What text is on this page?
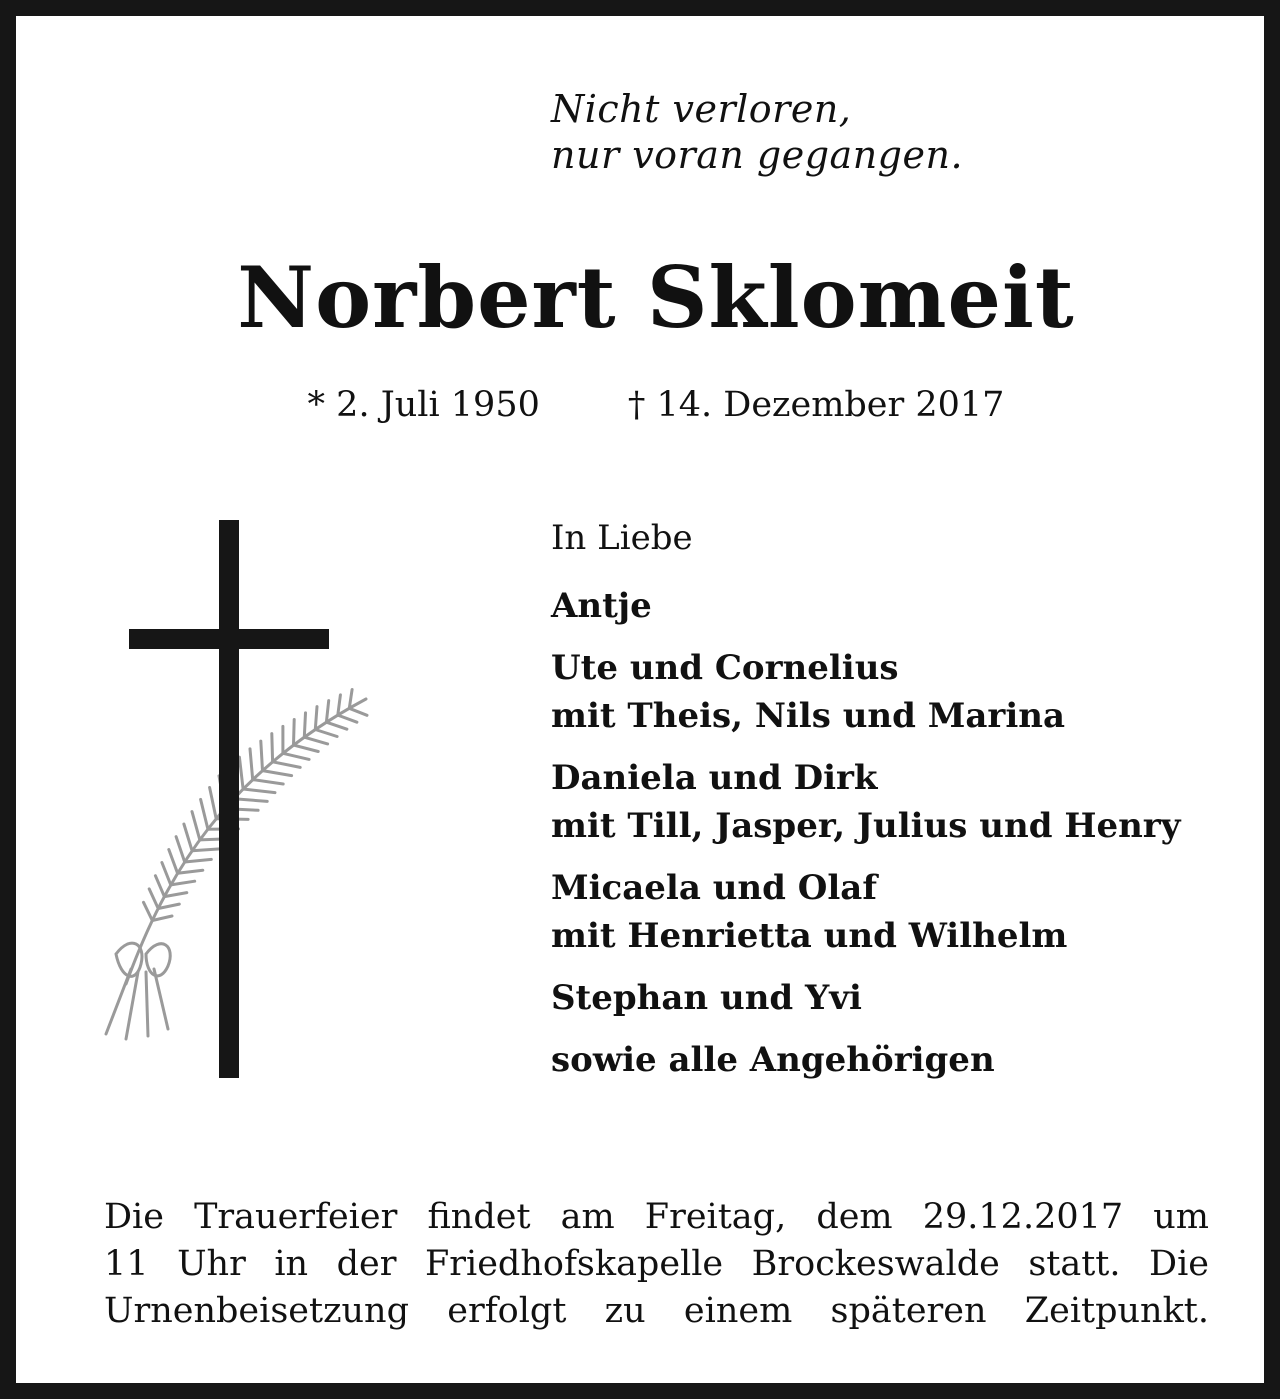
Nicht verloren,
nur voran gegangen.
Norbert Sklomeit
* 2. Juli 1950	† 14. Dezember 2017
In Liebe
Antje
Ute und Cornelius
mit Theis, Nils und Marina
Daniela und Dirk
mit Till, Jasper, Julius und Henry
Micaela und Olaf
mit Henrietta und Wilhelm
Stephan und Yvi
sowie alle Angehörigen
Die Trauerfeier findet am Freitag, dem 29.12.2017 um
11 Uhr in der Friedhofskapelle Brockeswalde statt. Die
Urnenbeisetzung erfolgt zu einem späteren Zeitpunkt.
